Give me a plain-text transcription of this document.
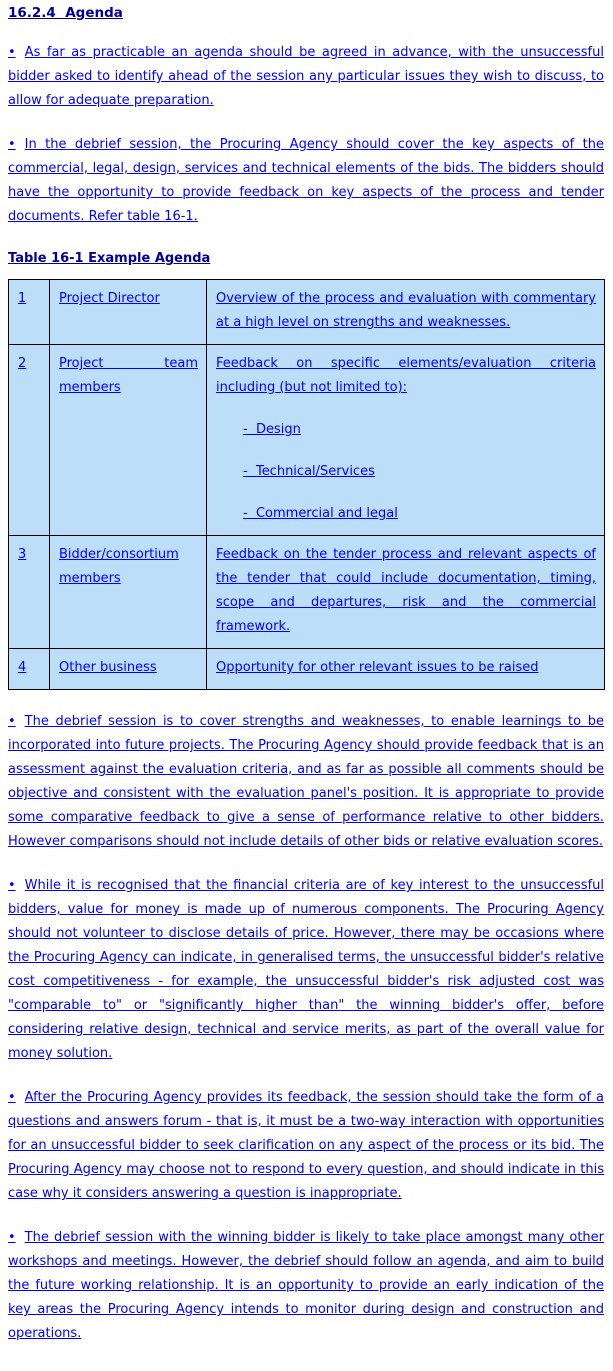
16.2.4  Agenda

• As far as practicable an agenda should be agreed in advance, with the unsuccessful bidder asked to identify ahead of the session any particular issues they wish to discuss, to allow for adequate preparation.

• In the debrief session, the Procuring Agency should cover the key aspects of the commercial, legal, design, services and technical elements of the bids. The bidders should have the opportunity to provide feedback on key aspects of the process and tender documents. Refer table 16-1.

Table 16-1 Example Agenda
1	Project Director	Overview of the process and evaluation with commentary at a high level on strengths and weaknesses.
2	Project team members	Feedback on specific elements/evaluation criteria including (but not limited to):
-  Design
-  Technical/Services
-  Commercial and legal

3	Bidder/consortium members	Feedback on the tender process and relevant aspects of the tender that could include documentation, timing, scope and departures, risk and the commercial framework.
4	Other business	Opportunity for other relevant issues to be raised

• The debrief session is to cover strengths and weaknesses, to enable learnings to be incorporated into future projects. The Procuring Agency should provide feedback that is an assessment against the evaluation criteria, and as far as possible all comments should be objective and consistent with the evaluation panel's position. It is appropriate to provide some comparative feedback to give a sense of performance relative to other bidders. However comparisons should not include details of other bids or relative evaluation scores.

• While it is recognised that the financial criteria are of key interest to the unsuccessful bidders, value for money is made up of numerous components. The Procuring Agency should not volunteer to disclose details of price. However, there may be occasions where the Procuring Agency can indicate, in generalised terms, the unsuccessful bidder's relative cost competitiveness - for example, the unsuccessful bidder's risk adjusted cost was "comparable to" or "significantly higher than" the winning bidder's offer, before considering relative design, technical and service merits, as part of the overall value for money solution.

• After the Procuring Agency provides its feedback, the session should take the form of a questions and answers forum - that is, it must be a two-way interaction with opportunities for an unsuccessful bidder to seek clarification on any aspect of the process or its bid. The Procuring Agency may choose not to respond to every question, and should indicate in this case why it considers answering a question is inappropriate.

• The debrief session with the winning bidder is likely to take place amongst many other workshops and meetings. However, the debrief should follow an agenda, and aim to build the future working relationship. It is an opportunity to provide an early indication of the key areas the Procuring Agency intends to monitor during design and construction and operations.
